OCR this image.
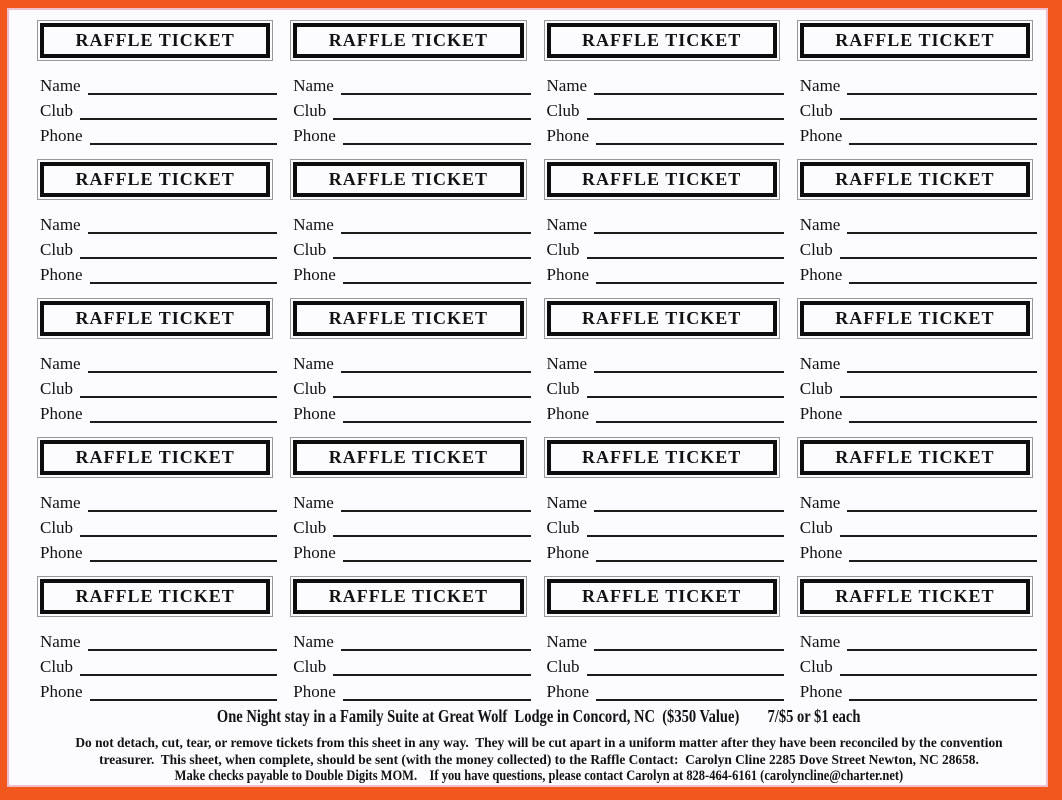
RAFFLE TICKET
Name
Club
Phone
RAFFLE TICKET
Name
Club
Phone
RAFFLE TICKET
Name
Club
Phone
RAFFLE TICKET
Name
Club
Phone
RAFFLE TICKET
Name
Club
Phone
RAFFLE TICKET
Name
Club
Phone
RAFFLE TICKET
Name
Club
Phone
RAFFLE TICKET
Name
Club
Phone
RAFFLE TICKET
Name
Club
Phone
RAFFLE TICKET
Name
Club
Phone
RAFFLE TICKET
Name
Club
Phone
RAFFLE TICKET
Name
Club
Phone
RAFFLE TICKET
Name
Club
Phone
RAFFLE TICKET
Name
Club
Phone
RAFFLE TICKET
Name
Club
Phone
RAFFLE TICKET
Name
Club
Phone
RAFFLE TICKET
Name
Club
Phone
RAFFLE TICKET
Name
Club
Phone
RAFFLE TICKET
Name
Club
Phone
RAFFLE TICKET
Name
Club
Phone
One Night stay in a Family Suite at Great Wolf  Lodge in Concord, NC  ($350 Value) 7/$5 or $1 each
Do not detach, cut, tear, or remove tickets from this sheet in any way.  They will be cut apart in a uniform matter after they have been reconciled by the convention
treasurer.  This sheet, when complete, should be sent (with the money collected) to the Raffle Contact:  Carolyn Cline 2285 Dove Street Newton, NC 28658.
Make checks payable to Double Digits MOM.    If you have questions, please contact Carolyn at 828-464-6161 (carolyncline@charter.net)
